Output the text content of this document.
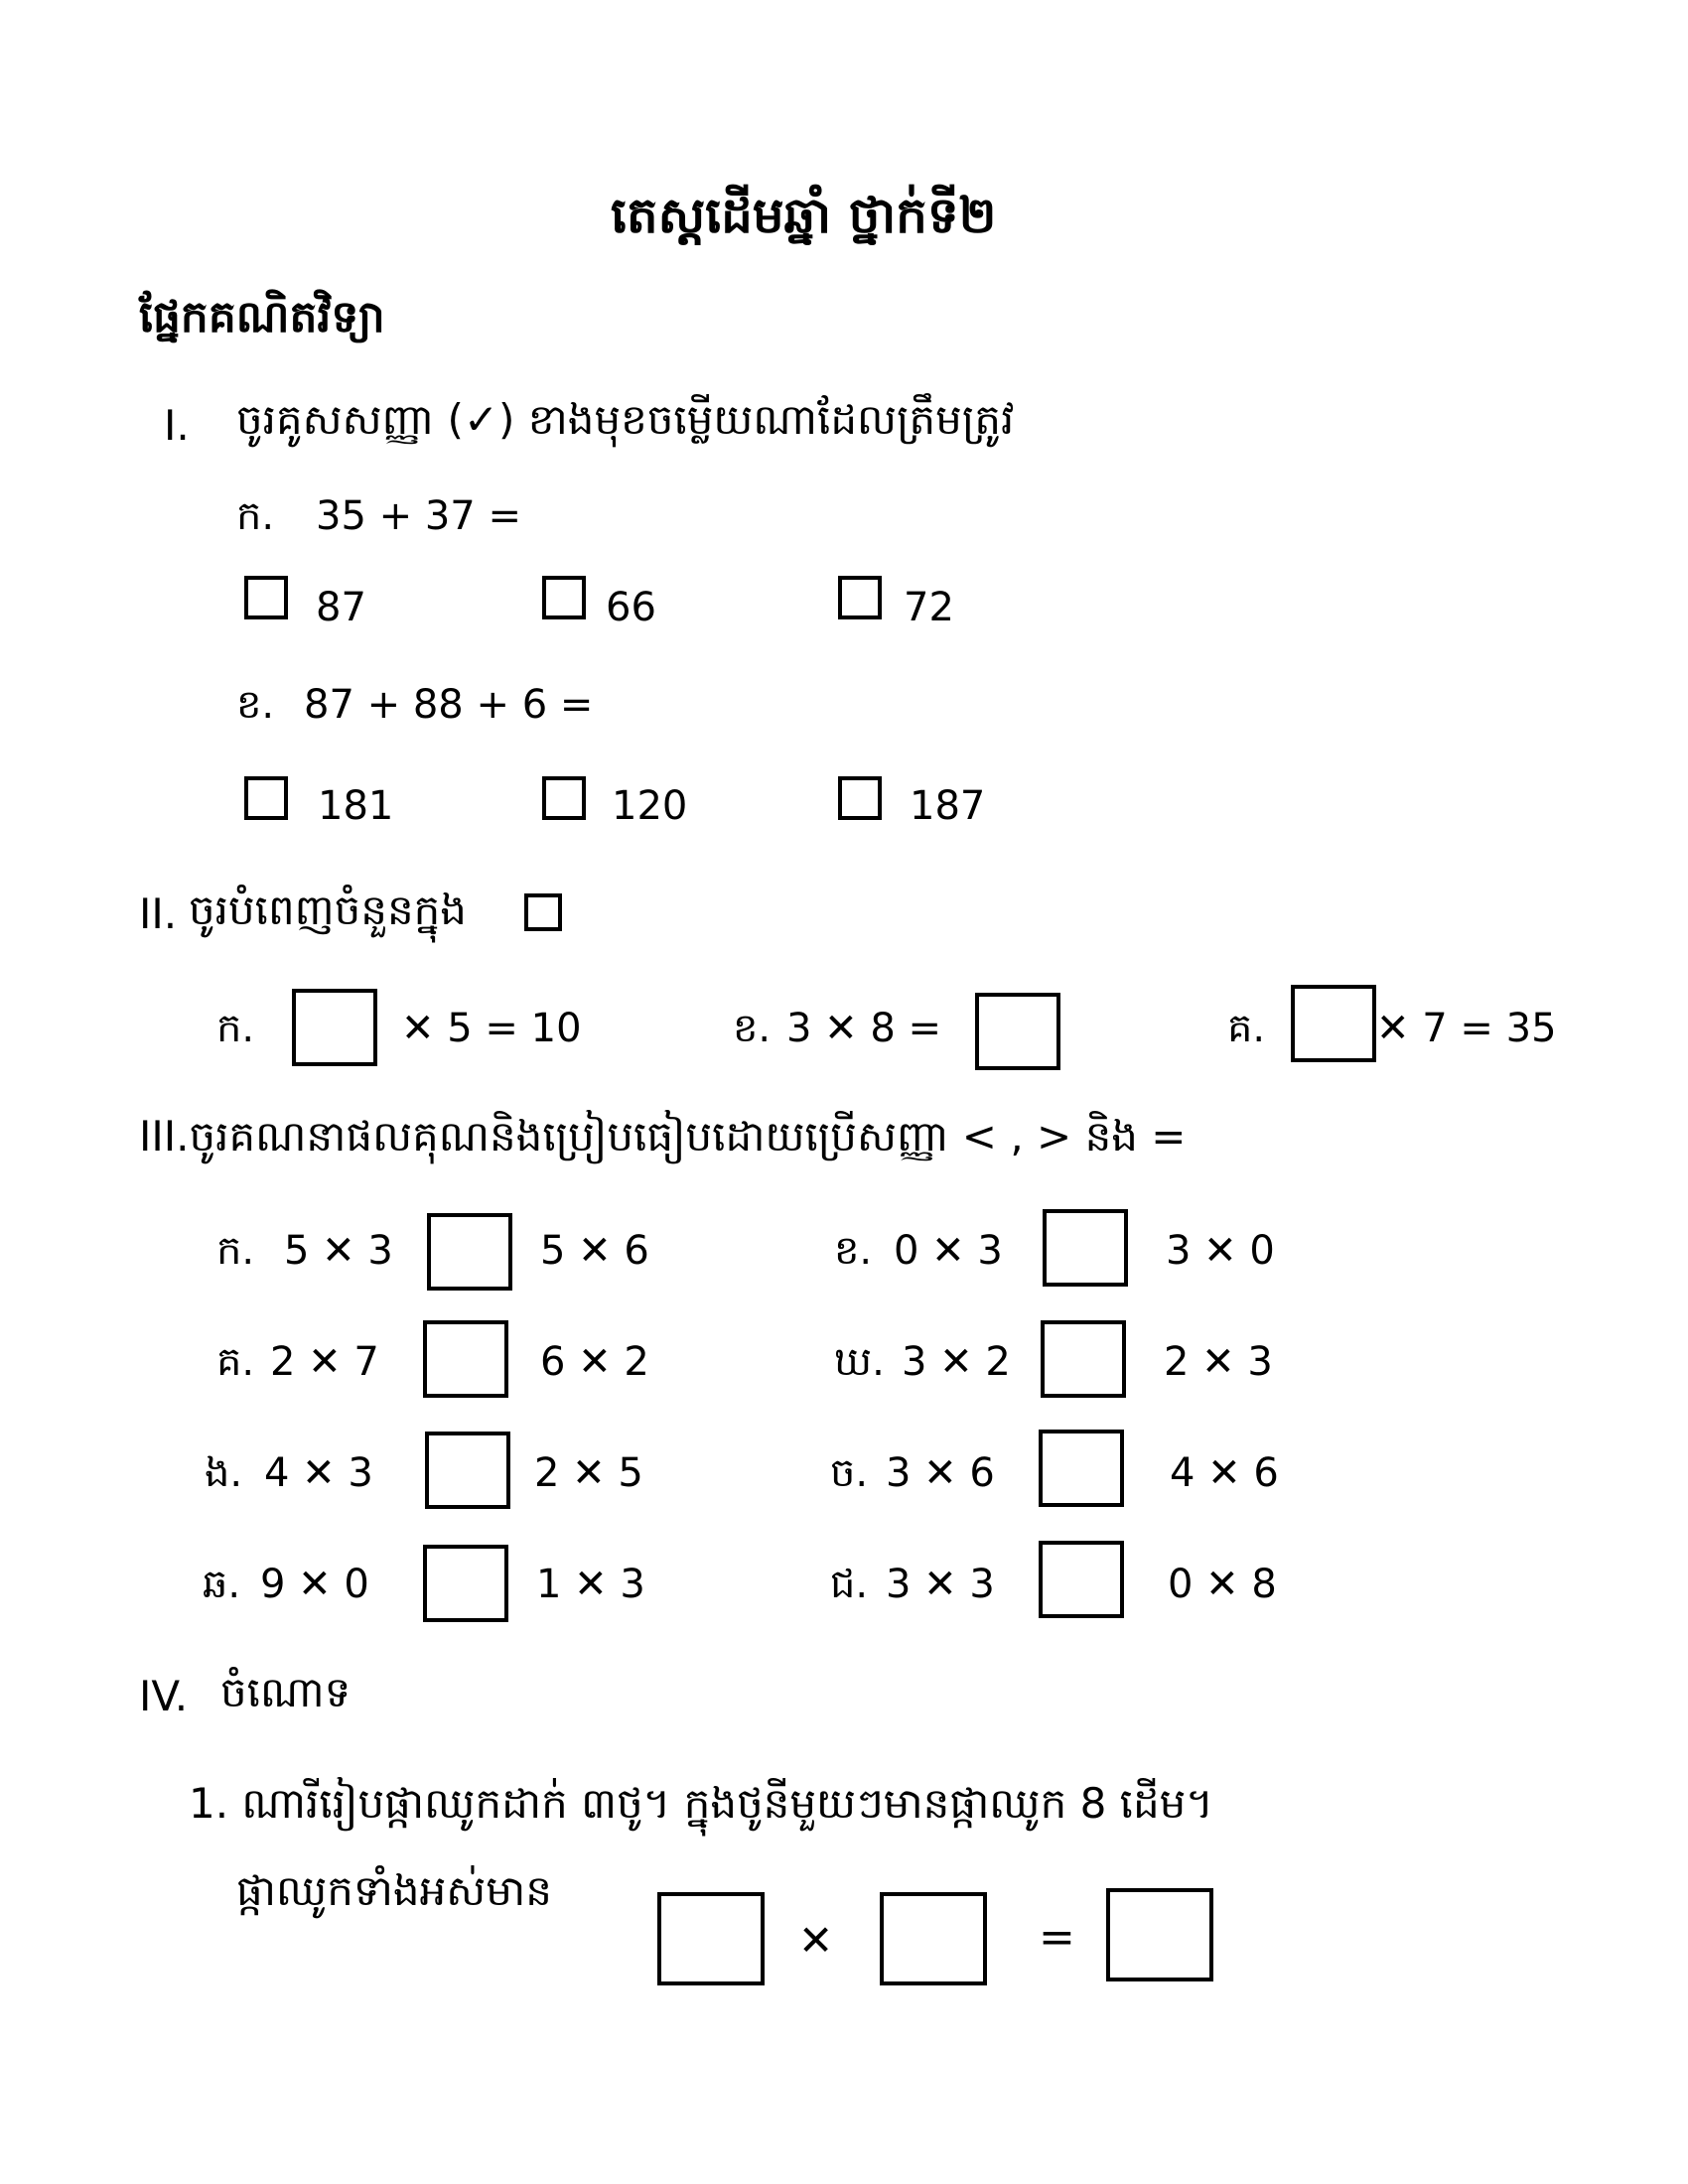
តេស្តដើមឆ្នាំ ថ្នាក់ទី២
ផ្នែកគណិតវិទ្យា
I. ចូរគូសសញ្ញា (✓) ខាងមុខចម្លើយណាដែលត្រឹមត្រូវ
ក. 35 + 37 =
87	66	72
ខ. 87 + 88 + 6 =
181	120	187
II. ចូរបំពេញចំនួនក្នុង
ក.	✕ 5 = 10	ខ. 3 ✕ 8 =	គ.	✕ 7 = 35
III.ចូរគណនាផលគុណនិងប្រៀបធៀបដោយប្រើសញ្ញា < , > និង =
ក. 5 ✕ 3	5 ✕ 6	ខ. 0 ✕ 3	3 ✕ 0
គ. 2 ✕ 7	6 ✕ 2	ឃ. 3 ✕ 2	2 ✕ 3
ង. 4 ✕ 3	2 ✕ 5	ច. 3 ✕ 6	4 ✕ 6
ឆ. 9 ✕ 0	1 ✕ 3	ជ. 3 ✕ 3	0 ✕ 8
IV. ចំណោទ
1. ណារីរៀបផ្កាឈូកដាក់ ៣ថូ។ ក្នុងថូនីមួយៗមានផ្កាឈូក 8 ដើម។
ផ្កាឈូកទាំងអស់មាន
✕	=
